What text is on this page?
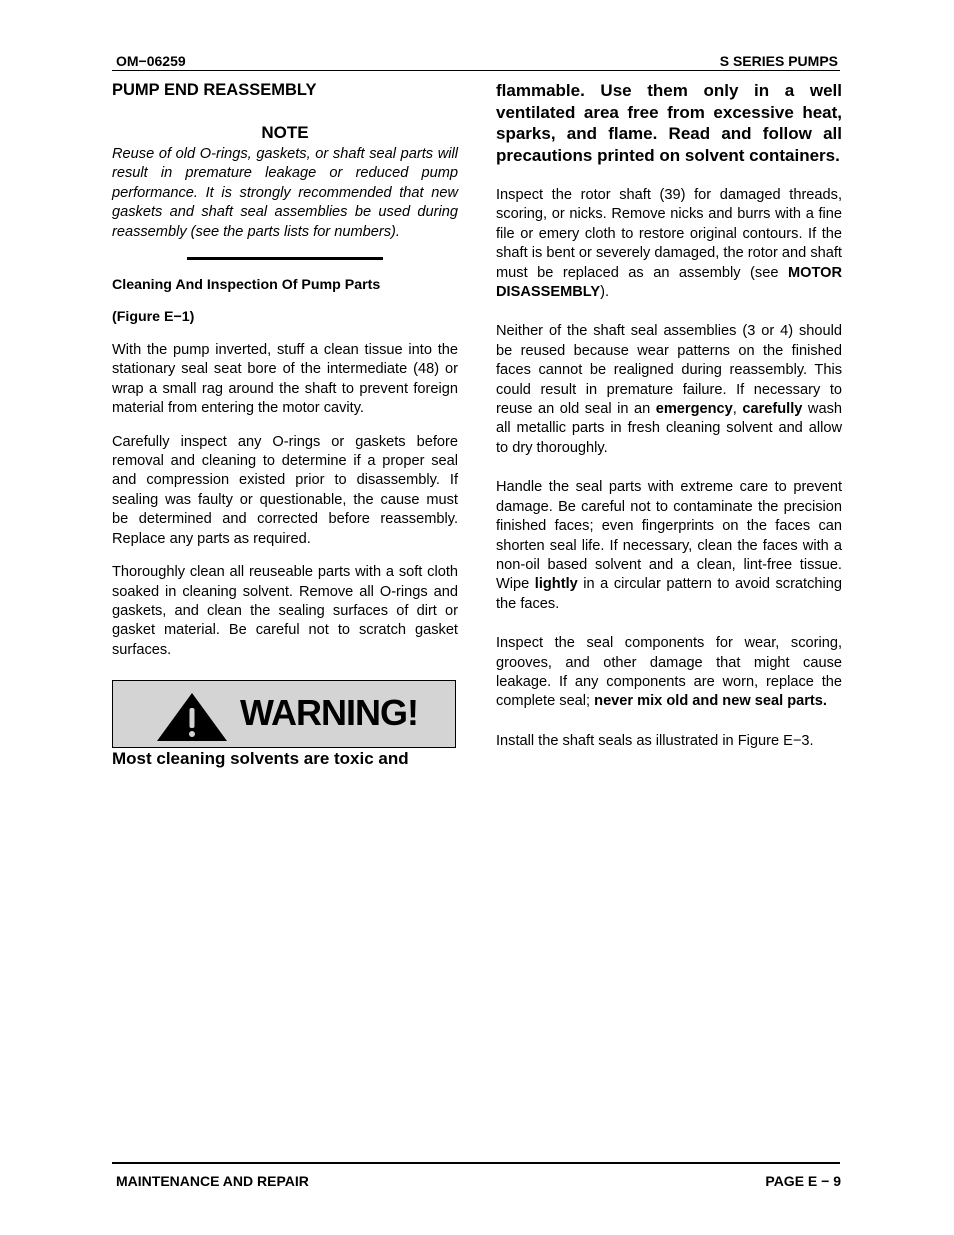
OM−06259	S SERIES PUMPS
PUMP END REASSEMBLY
NOTE

Reuse of old O-rings, gaskets, or shaft seal parts will result in premature leakage or reduced pump performance. It is strongly recommended that new gaskets and shaft seal assemblies be used during reassembly (see the parts lists for numbers).

Cleaning And Inspection Of Pump Parts
(Figure E−1)

With the pump inverted, stuff a clean tissue into the stationary seal seat bore of the intermediate (48) or wrap a small rag around the shaft to prevent foreign material from entering the motor cavity.

Carefully inspect any O-rings or gaskets before removal and cleaning to determine if a proper seal and compression existed prior to disassembly. If sealing was faulty or questionable, the cause must be determined and corrected before reassembly. Replace any parts as required.

Thoroughly clean all reuseable parts with a soft cloth soaked in cleaning solvent. Remove all O-rings and gaskets, and clean the sealing surfaces of dirt or gasket material. Be careful not to scratch gasket surfaces.

WARNING!

Most cleaning solvents are toxic and

flammable. Use them only in a well ventilated area free from excessive heat, sparks, and flame. Read and follow all precautions printed on solvent containers.

Inspect the rotor shaft (39) for damaged threads, scoring, or nicks. Remove nicks and burrs with a fine file or emery cloth to restore original contours. If the shaft is bent or severely damaged, the rotor and shaft must be replaced as an assembly (see MOTOR DISASSEMBLY).

Neither of the shaft seal assemblies (3 or 4) should be reused because wear patterns on the finished faces cannot be realigned during reassembly. This could result in premature failure. If necessary to reuse an old seal in an emergency, carefully wash all metallic parts in fresh cleaning solvent and allow to dry thoroughly.

Handle the seal parts with extreme care to prevent damage. Be careful not to contaminate the precision finished faces; even fingerprints on the faces can shorten seal life. If necessary, clean the faces with a non-oil based solvent and a clean, lint-free tissue. Wipe lightly in a circular pattern to avoid scratching the faces.

Inspect the seal components for wear, scoring, grooves, and other damage that might cause leakage. If any components are worn, replace the complete seal; never mix old and new seal parts.

Install the shaft seals as illustrated in Figure E−3.

MAINTENANCE AND REPAIR	PAGE E − 9
